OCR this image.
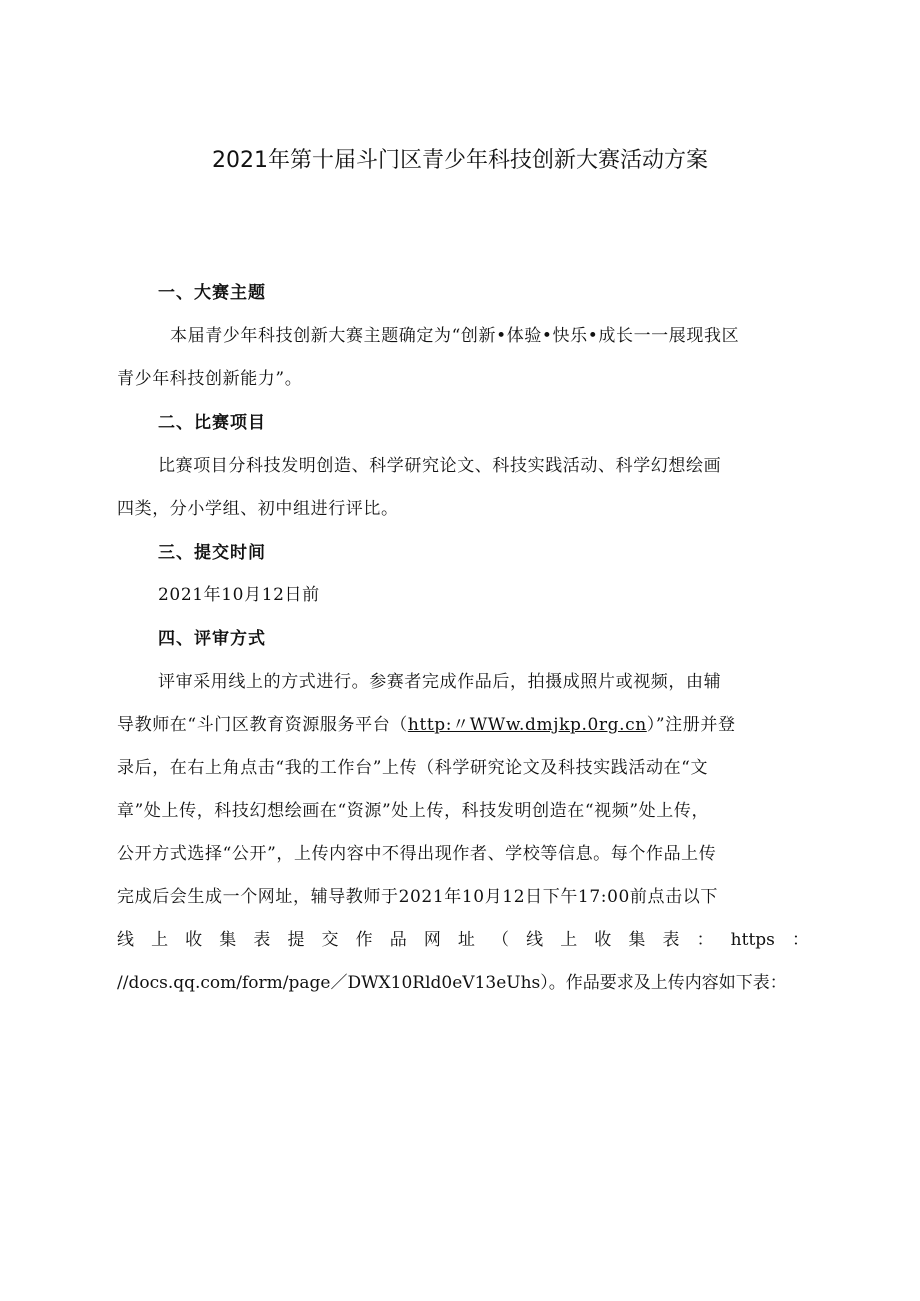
2021年第十届斗门区青少年科技创新大赛活动方案
一、大赛主题
本届青少年科技创新大赛主题确定为“创新•体验•快乐•成长一一展现我区
青少年科技创新能力”。
二、比赛项目
比赛项目分科技发明创造、科学研究论文、科技实践活动、科学幻想绘画
四类，分小学组、初中组进行评比。
三、提交时间
2021年10月12日前
四、评审方式
评审采用线上的方式进行。参赛者完成作品后，拍摄成照片或视频，由辅
导教师在“斗门区教育资源服务平台（http:〃WWw.dmjkp.0rg.cn）”注册并登
录后，在右上角点击“我的工作台”上传（科学研究论文及科技实践活动在“文
章”处上传，科技幻想绘画在“资源”处上传，科技发明创造在“视频”处上传，
公开方式选择“公开”，上传内容中不得出现作者、学校等信息。每个作品上传
完成后会生成一个网址，辅导教师于2021年10月12日下午17:00前点击以下
线上收集表提交作品网址（线上收集表：https：
//docs.qq.com/form/page／DWX10Rld0eV13eUhs）。作品要求及上传内容如下表：
